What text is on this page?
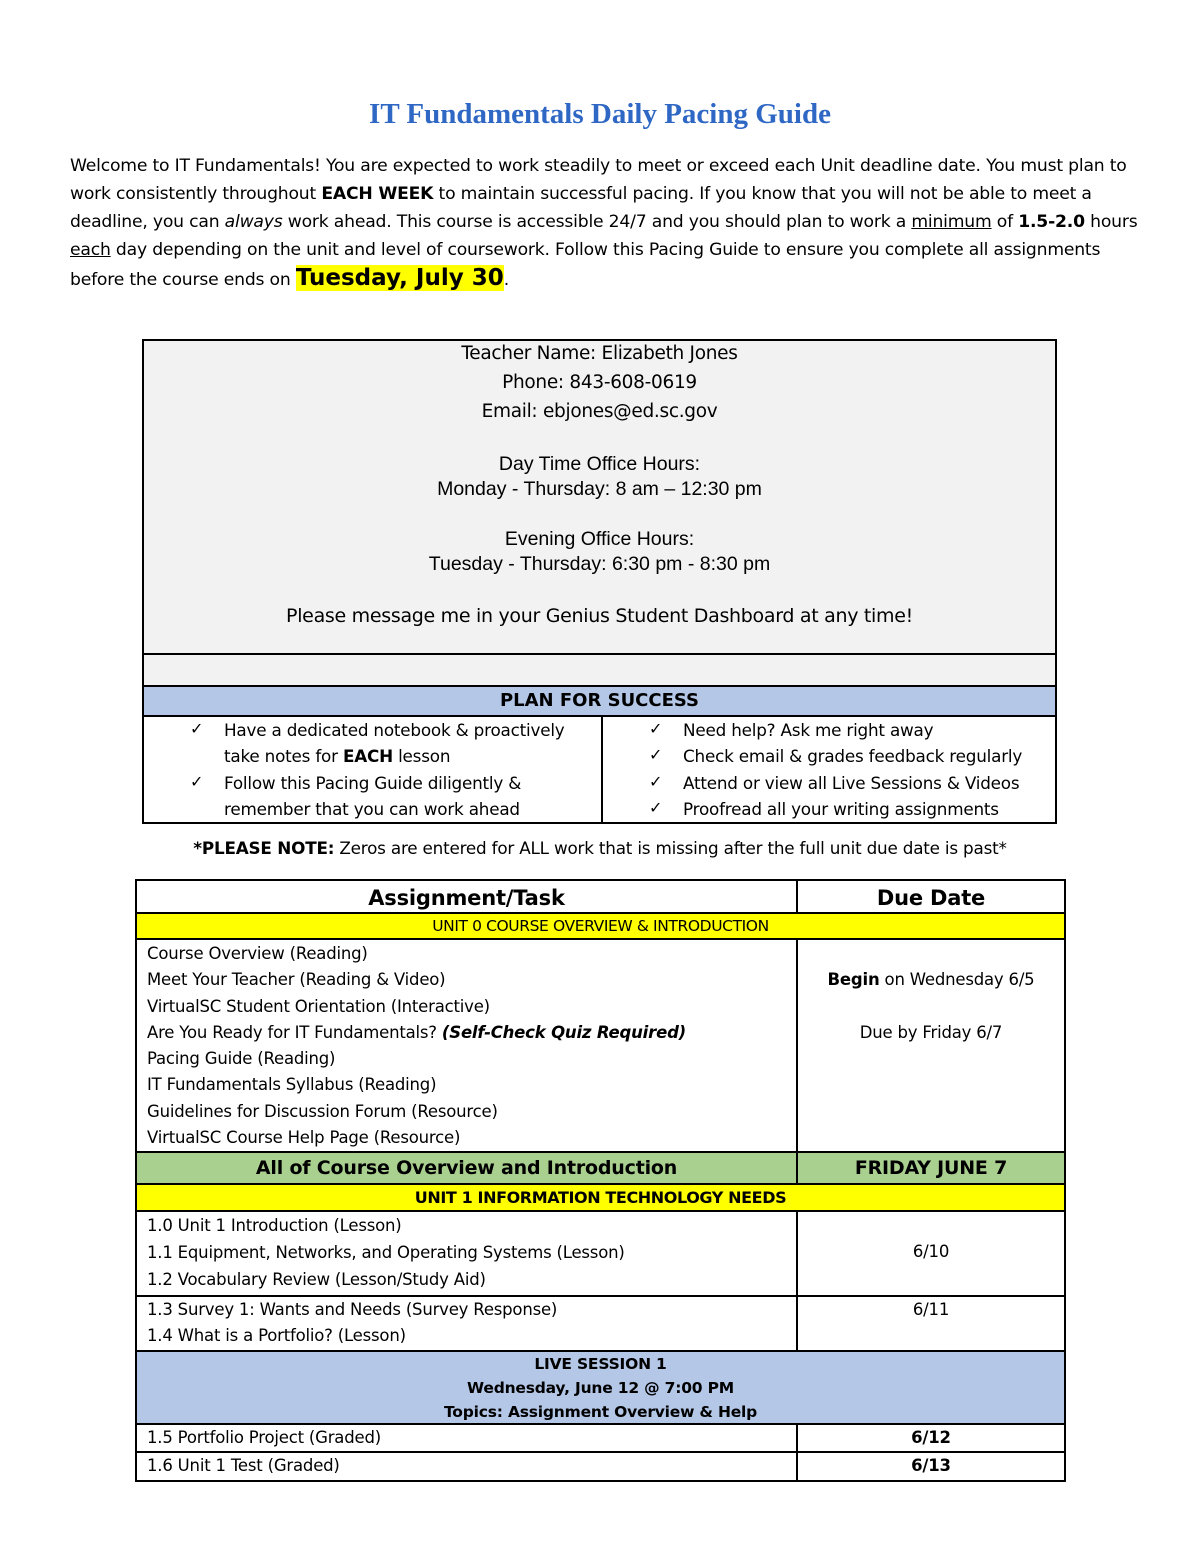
IT Fundamentals Daily Pacing Guide
Welcome to IT Fundamentals! You are expected to work steadily to meet or exceed each Unit deadline date. You must plan to work consistently throughout EACH WEEK to maintain successful pacing. If you know that you will not be able to meet a deadline, you can always work ahead. This course is accessible 24/7 and you should plan to work a minimum of 1.5-2.0 hours each day depending on the unit and level of coursework. Follow this Pacing Guide to ensure you complete all assignments before the course ends on Tuesday, July 30.
Teacher Name: Elizabeth Jones
Phone: 843-608-0619
Email: ebjones@ed.sc.gov
Day Time Office Hours:
Monday - Thursday: 8 am – 12:30 pm
Evening Office Hours:
Tuesday - Thursday: 6:30 pm - 8:30 pm
Please message me in your Genius Student Dashboard at any time!
PLAN FOR SUCCESS
✓ Have a dedicated notebook & proactively
take notes for EACH lesson
✓ Follow this Pacing Guide diligently &
remember that you can work ahead
✓ Need help? Ask me right away
✓ Check email & grades feedback regularly
✓ Attend or view all Live Sessions & Videos
✓ Proofread all your writing assignments
*PLEASE NOTE: Zeros are entered for ALL work that is missing after the full unit due date is past*
Assignment/Task	Due Date
UNIT 0 COURSE OVERVIEW & INTRODUCTION
Course Overview (Reading)
Meet Your Teacher (Reading & Video)
VirtualSC Student Orientation (Interactive)
Are You Ready for IT Fundamentals? (Self-Check Quiz Required)
Pacing Guide (Reading)
IT Fundamentals Syllabus (Reading)
Guidelines for Discussion Forum (Resource)
VirtualSC Course Help Page (Resource)
Begin on Wednesday 6/5
Due by Friday 6/7
All of Course Overview and Introduction	FRIDAY JUNE 7
UNIT 1 INFORMATION TECHNOLOGY NEEDS
1.0 Unit 1 Introduction (Lesson)
1.1 Equipment, Networks, and Operating Systems (Lesson)
1.2 Vocabulary Review (Lesson/Study Aid)
6/10
1.3 Survey 1: Wants and Needs (Survey Response)
1.4 What is a Portfolio? (Lesson)
6/11
LIVE SESSION 1
Wednesday, June 12 @ 7:00 PM
Topics: Assignment Overview & Help
1.5 Portfolio Project (Graded)	6/12
1.6 Unit 1 Test (Graded)	6/13
